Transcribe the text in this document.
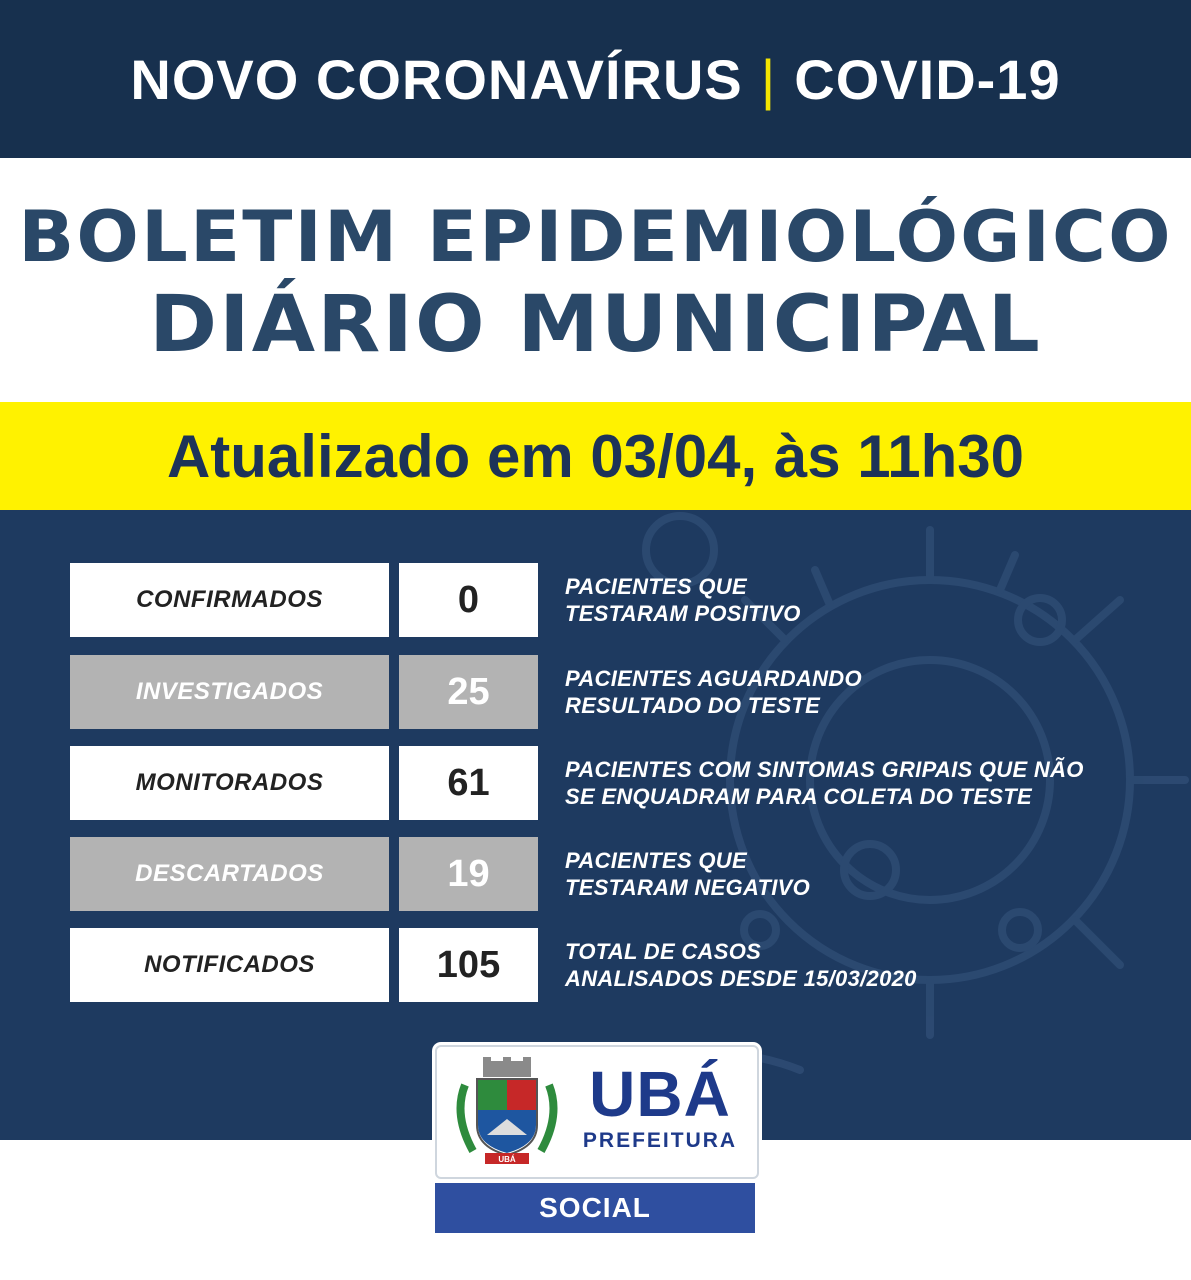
NOVO CORONAVÍRUS | COVID-19
BOLETIM EPIDEMIOLÓGICO
DIÁRIO MUNICIPAL
Atualizado em 03/04, às 11h30
CONFIRMADOS	0	PACIENTES QUE
TESTARAM POSITIVO
INVESTIGADOS	25	PACIENTES AGUARDANDO
RESULTADO DO TESTE
MONITORADOS	61	PACIENTES COM SINTOMAS GRIPAIS QUE NÃO
SE ENQUADRAM PARA COLETA DO TESTE
DESCARTADOS	19	PACIENTES QUE
TESTARAM NEGATIVO
NOTIFICADOS	105	TOTAL DE CASOS
ANALISADOS DESDE 15/03/2020
UBÁ
UBÁ
PREFEITURA
SOCIAL
